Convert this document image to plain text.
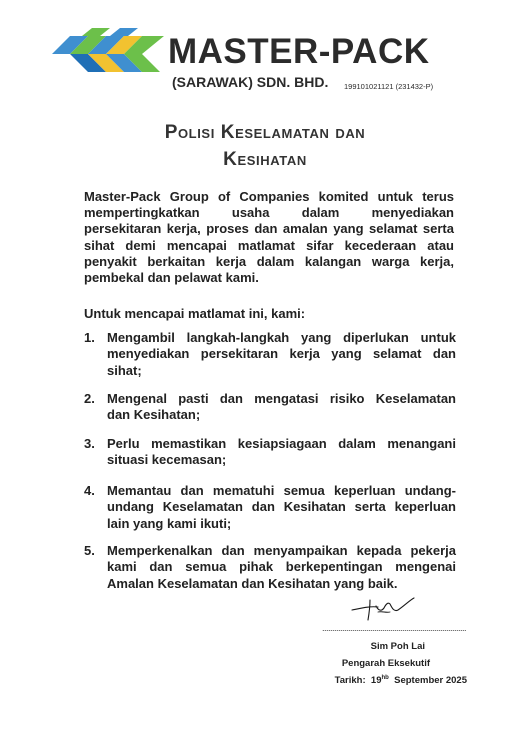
MASTER-PACK
(SARAWAK) SDN. BHD. 199101021121 (231432-P)
Polisi Keselamatan dan
Kesihatan
Master-Pack Group of Companies komited untuk terus
mempertingkatkan usaha dalam menyediakan
persekitaran kerja, proses dan amalan yang selamat serta
sihat demi mencapai matlamat sifar kecederaan atau
penyakit berkaitan kerja dalam kalangan warga kerja,
pembekal dan pelawat kami.
Untuk mencapai matlamat ini, kami:
1. Mengambil langkah-langkah yang diperlukan untuk
menyediakan persekitaran kerja yang selamat dan
sihat;
2. Mengenal pasti dan mengatasi risiko Keselamatan
dan Kesihatan;
3. Perlu memastikan kesiapsiagaan dalam menangani
situasi kecemasan;
4. Memantau dan mematuhi semua keperluan undang-
undang Keselamatan dan Kesihatan serta keperluan
lain yang kami ikuti;
5. Memperkenalkan dan menyampaikan kepada pekerja
kami dan semua pihak berkepentingan mengenai
Amalan Keselamatan dan Kesihatan yang baik.
........................................................................
Sim Poh Lai
Pengarah Eksekutif
Tarikh: $19^{hb}$ September 2025
